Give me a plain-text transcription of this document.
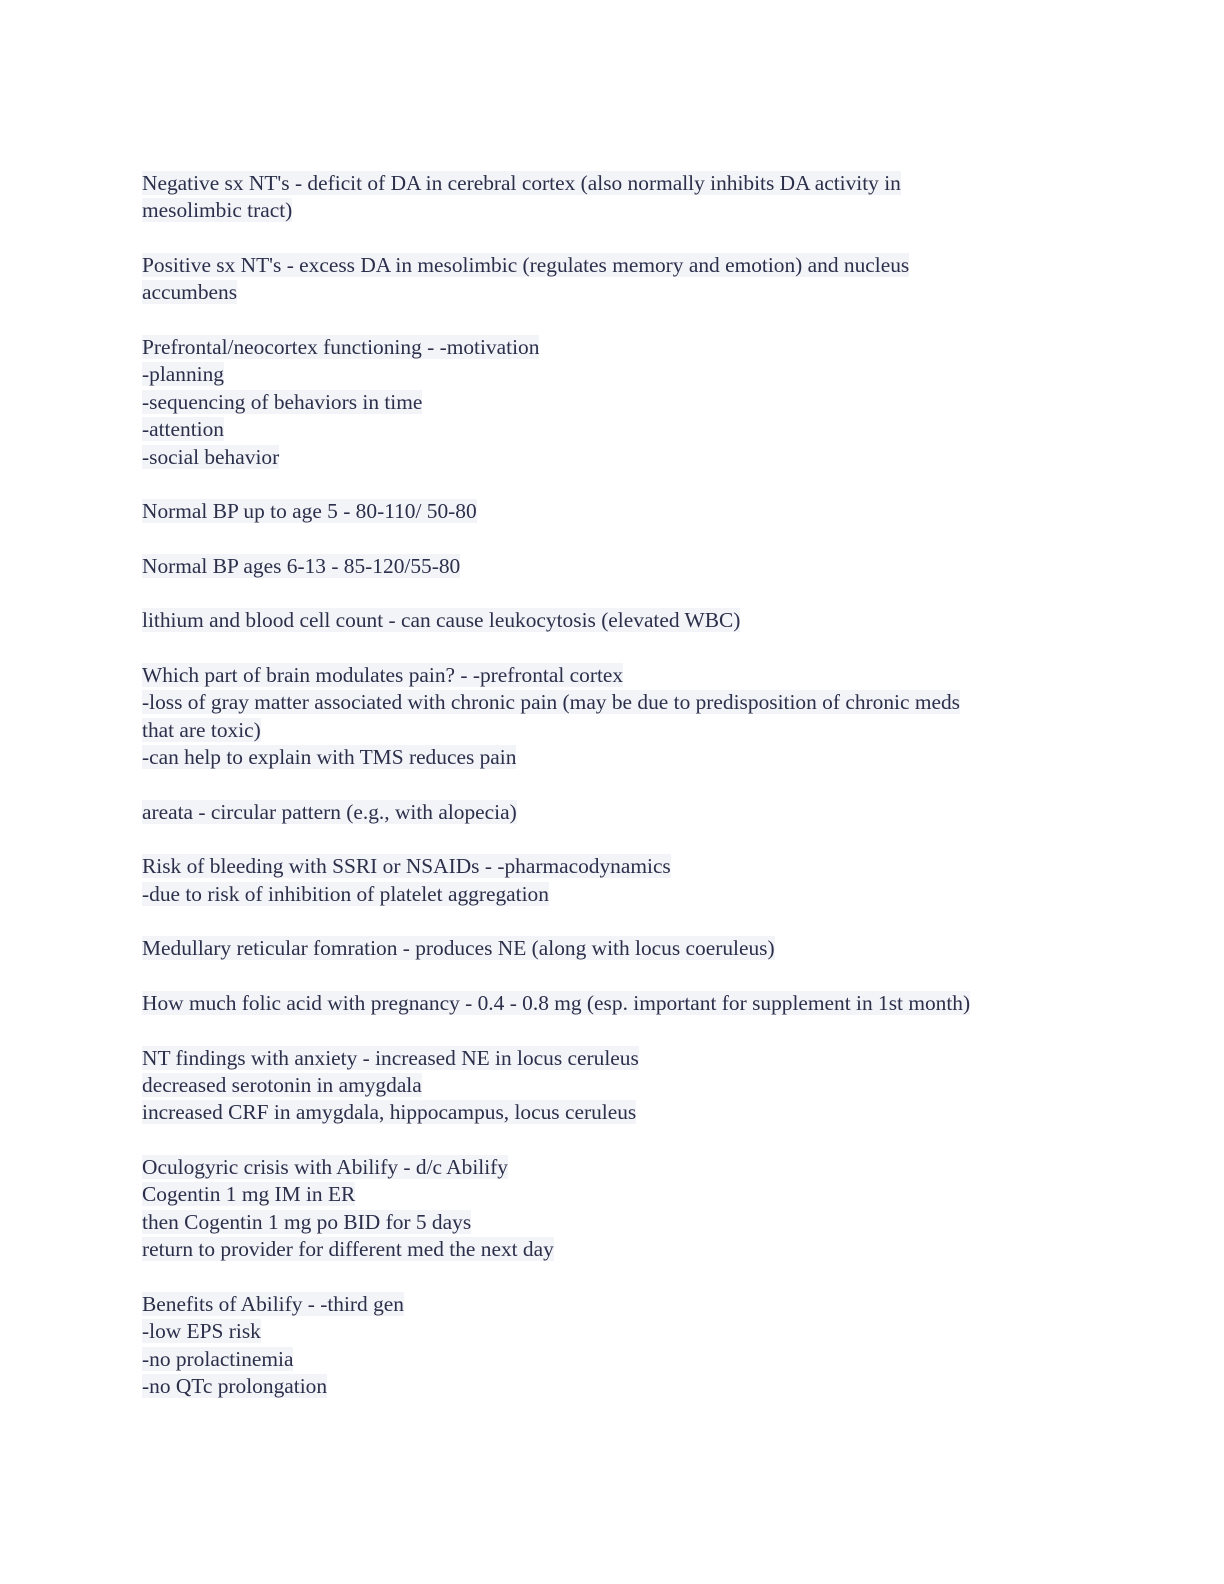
Negative sx NT's - deficit of DA in cerebral cortex (also normally inhibits DA activity in
mesolimbic tract)
Positive sx NT's - excess DA in mesolimbic (regulates memory and emotion) and nucleus
accumbens
Prefrontal/neocortex functioning - -motivation
-planning
-sequencing of behaviors in time
-attention
-social behavior
Normal BP up to age 5 - 80-110/ 50-80
Normal BP ages 6-13 - 85-120/55-80
lithium and blood cell count - can cause leukocytosis (elevated WBC)
Which part of brain modulates pain? - -prefrontal cortex
-loss of gray matter associated with chronic pain (may be due to predisposition of chronic meds
that are toxic)
-can help to explain with TMS reduces pain
areata - circular pattern (e.g., with alopecia)
Risk of bleeding with SSRI or NSAIDs - -pharmacodynamics
-due to risk of inhibition of platelet aggregation
Medullary reticular fomration - produces NE (along with locus coeruleus)
How much folic acid with pregnancy - 0.4 - 0.8 mg (esp. important for supplement in 1st month)
NT findings with anxiety - increased NE in locus ceruleus
decreased serotonin in amygdala
increased CRF in amygdala, hippocampus, locus ceruleus
Oculogyric crisis with Abilify - d/c Abilify
Cogentin 1 mg IM in ER
then Cogentin 1 mg po BID for 5 days
return to provider for different med the next day
Benefits of Abilify - -third gen
-low EPS risk
-no prolactinemia
-no QTc prolongation
